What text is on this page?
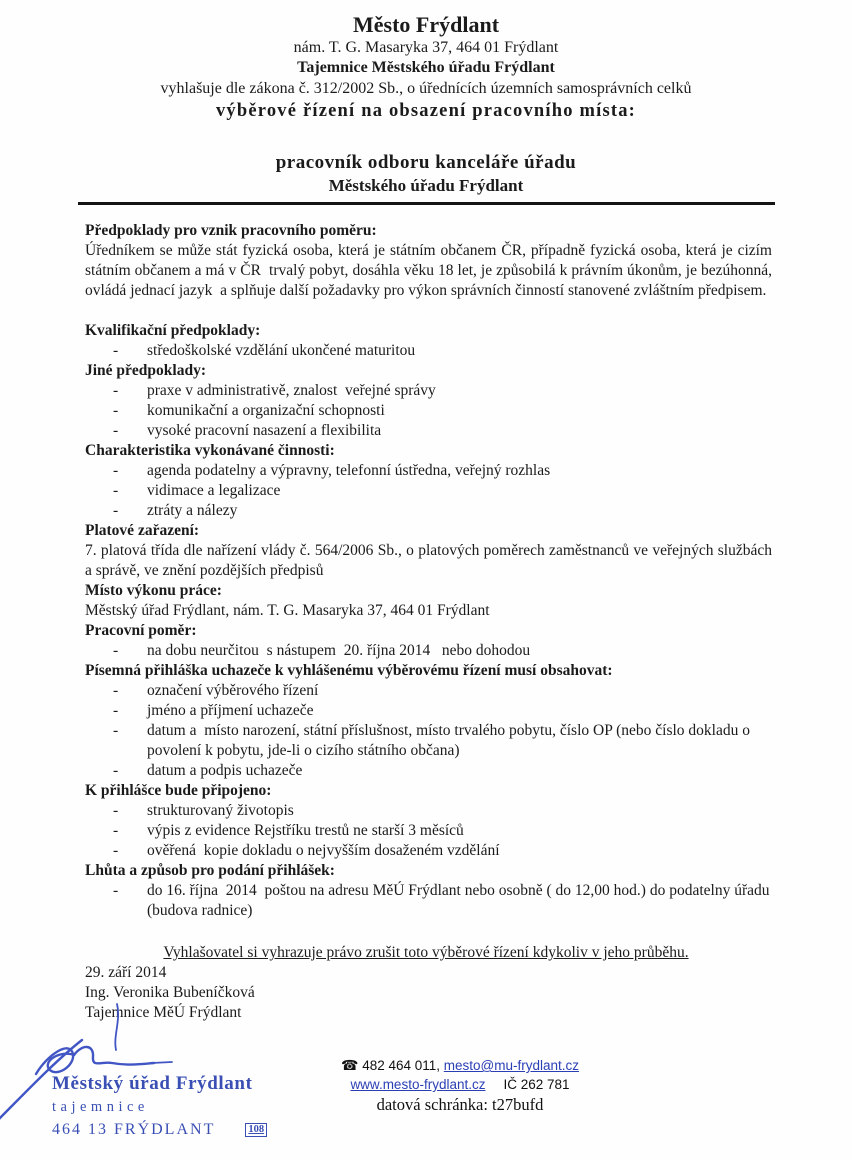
Město Frýdlant
nám. T. G. Masaryka 37, 464 01 Frýdlant
Tajemnice Městského úřadu Frýdlant
vyhlašuje dle zákona č. 312/2002 Sb., o úřednících územních samosprávních celků
výběrové řízení na obsazení pracovního místa:
pracovník odboru kanceláře úřadu
Městského úřadu Frýdlant
Předpoklady pro vznik pracovního poměru:
Úředníkem se může stát fyzická osoba, která je státním občanem ČR, případně fyzická osoba, která je cizím státním občanem a má v ČR  trvalý pobyt, dosáhla věku 18 let, je způsobilá k právním úkonům, je bezúhonná, ovládá jednací jazyk  a splňuje další požadavky pro výkon správních činností stanovené zvláštním předpisem.
Kvalifikační předpoklady:
-	středoškolské vzdělání ukončené maturitou
Jiné předpoklady:
-	praxe v administrativě, znalost  veřejné správy
-	komunikační a organizační schopnosti
-	vysoké pracovní nasazení a flexibilita
Charakteristika vykonávané činnosti:
-	agenda podatelny a výpravny, telefonní ústředna, veřejný rozhlas
-	vidimace a legalizace
-	ztráty a nálezy
Platové zařazení:
7. platová třída dle nařízení vlády č. 564/2006 Sb., o platových poměrech zaměstnanců ve veřejných službách a správě, ve znění pozdějších předpisů
Místo výkonu práce:
Městský úřad Frýdlant, nám. T. G. Masaryka 37, 464 01 Frýdlant
Pracovní poměr:
-	na dobu neurčitou  s nástupem  20. října 2014   nebo dohodou
Písemná přihláška uchazeče k vyhlášenému výběrovému řízení musí obsahovat:
-	označení výběrového řízení
-	jméno a příjmení uchazeče
-	datum a  místo narození, státní příslušnost, místo trvalého pobytu, číslo OP (nebo číslo dokladu o povolení k pobytu, jde-li o cizího státního občana)
-	datum a podpis uchazeče
K přihlášce bude připojeno:
-	strukturovaný životopis
-	výpis z evidence Rejstříku trestů ne starší 3 měsíců
-	ověřená  kopie dokladu o nejvyšším dosaženém vzdělání
Lhůta a způsob pro podání přihlášek:
-	do 16. října  2014  poštou na adresu MěÚ Frýdlant nebo osobně ( do 12,00 hod.) do podatelny úřadu (budova radnice)
Vyhlašovatel si vyhrazuje právo zrušit toto výběrové řízení kdykoliv v jeho průběhu.
29. září 2014
Ing. Veronika Bubeníčková
Tajemnice MěÚ Frýdlant
Městský úřad Frýdlant
tajemnice
464 13 FRÝDLANT	108
☎ 482 464 011, mesto@mu-frydlant.cz
www.mesto-frydlant.cz IČ 262 781
datová schránka: t27bufd
